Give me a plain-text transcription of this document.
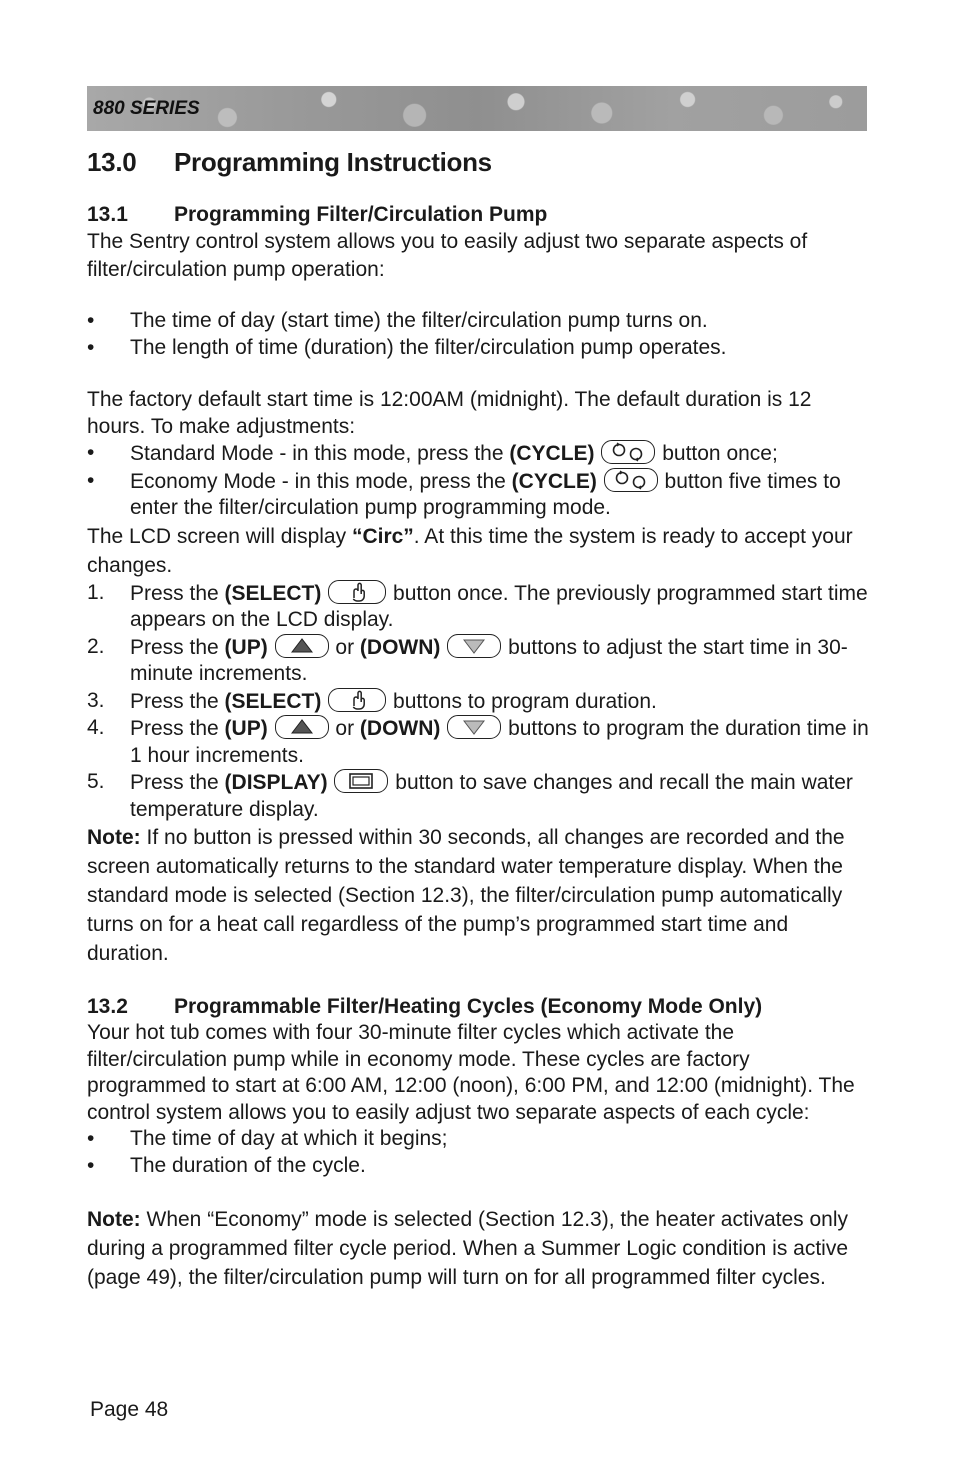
880 SERIES
13.0 Programming Instructions
13.1 Programming Filter/Circulation Pump

The Sentry control system allows you to easily adjust two separate aspects of filter/circulation pump operation:

•	The time of day (start time) the filter/circulation pump turns on.
•	The length of time (duration) the filter/circulation pump operates.

The factory default start time is 12:00AM (midnight). The default duration is 12 hours. To make adjustments:

•	Standard Mode - in this mode, press the (CYCLE)	button once;
•	Economy Mode - in this mode, press the (CYCLE)	button five times to enter the filter/circulation pump programming mode.

The LCD screen will display “Circ”. At this time the system is ready to accept your changes.

1.	Press the (SELECT)	button once. The previously programmed start time appears on the LCD display.
2.	Press the (UP)	or (DOWN)	buttons to adjust the start time in 30-minute increments.
3.	Press the (SELECT)	buttons to program duration.
4.	Press the (UP)	or (DOWN)	buttons to program the duration time in 1 hour increments.
5.	Press the (DISPLAY)	button to save changes and recall the main water temperature display.

Note: If no button is pressed within 30 seconds, all changes are recorded and the screen automatically returns to the standard water temperature display. When the standard mode is selected (Section 12.3), the filter/circulation pump automatically turns on for a heat call regardless of the pump’s programmed start time and duration.

13.2 Programmable Filter/Heating Cycles (Economy Mode Only)

Your hot tub comes with four 30-minute filter cycles which activate the filter/circulation pump while in economy mode. These cycles are factory programmed to start at 6:00 AM, 12:00 (noon), 6:00 PM, and 12:00 (midnight). The control system allows you to easily adjust two separate aspects of each cycle:

•	The time of day at which it begins;
•	The duration of the cycle.

Note: When “Economy” mode is selected (Section 12.3), the heater activates only during a programmed filter cycle period. When a Summer Logic condition is active (page 49), the filter/circulation pump will turn on for all programmed filter cycles.

Page 48
